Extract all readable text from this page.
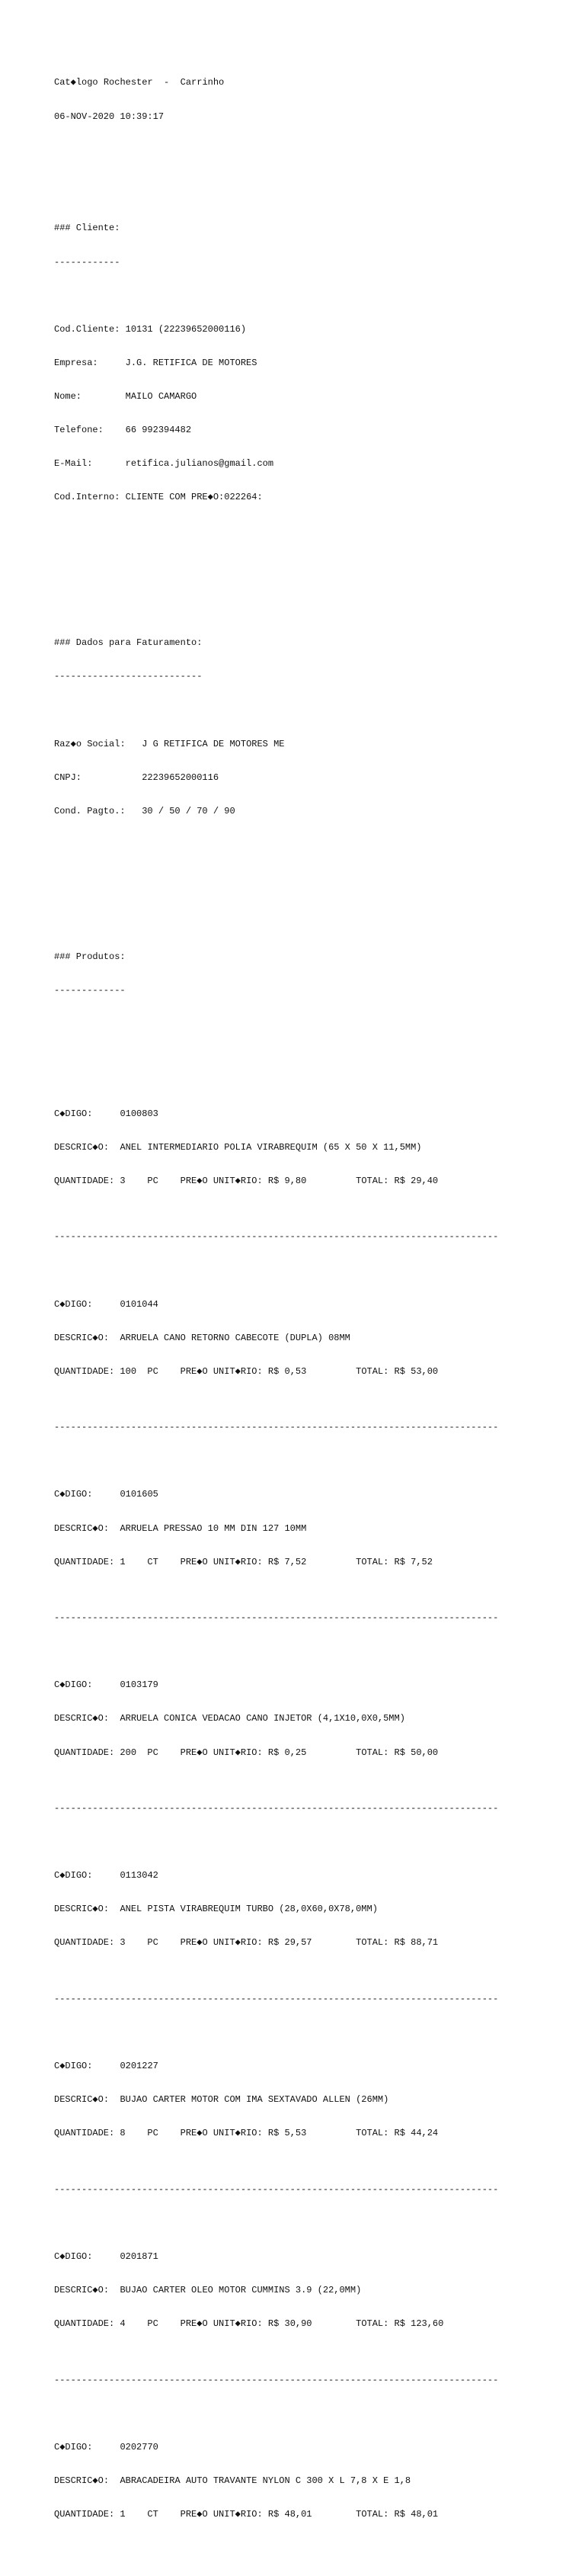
Cat◆logo Rochester  -  Carrinho

06-NOV-2020 10:39:17

### Cliente:

------------

Cod.Cliente: 10131 (22239652000116)

Empresa:     J.G. RETIFICA DE MOTORES

Nome:        MAILO CAMARGO

Telefone:    66 992394482

E-Mail:      retifica.julianos@gmail.com

Cod.Interno: CLIENTE COM PRE◆O:022264:

### Dados para Faturamento:

---------------------------

Raz◆o Social:   J G RETIFICA DE MOTORES ME

CNPJ:           22239652000116

Cond. Pagto.:   30 / 50 / 70 / 90

### Produtos:

-------------

C◆DIGO:     0100803

DESCRIC◆O:  ANEL INTERMEDIARIO POLIA VIRABREQUIM (65 X 50 X 11,5MM)

QUANTIDADE: 3    PC    PRE◆O UNIT◆RIO: R$ 9,80         TOTAL: R$ 29,40

---------------------------------------------------------------------------------

C◆DIGO:     0101044

DESCRIC◆O:  ARRUELA CANO RETORNO CABECOTE (DUPLA) 08MM

QUANTIDADE: 100  PC    PRE◆O UNIT◆RIO: R$ 0,53         TOTAL: R$ 53,00

---------------------------------------------------------------------------------

C◆DIGO:     0101605

DESCRIC◆O:  ARRUELA PRESSAO 10 MM DIN 127 10MM

QUANTIDADE: 1    CT    PRE◆O UNIT◆RIO: R$ 7,52         TOTAL: R$ 7,52

---------------------------------------------------------------------------------

C◆DIGO:     0103179

DESCRIC◆O:  ARRUELA CONICA VEDACAO CANO INJETOR (4,1X10,0X0,5MM)

QUANTIDADE: 200  PC    PRE◆O UNIT◆RIO: R$ 0,25         TOTAL: R$ 50,00

---------------------------------------------------------------------------------

C◆DIGO:     0113042

DESCRIC◆O:  ANEL PISTA VIRABREQUIM TURBO (28,0X60,0X78,0MM)

QUANTIDADE: 3    PC    PRE◆O UNIT◆RIO: R$ 29,57        TOTAL: R$ 88,71

---------------------------------------------------------------------------------

C◆DIGO:     0201227

DESCRIC◆O:  BUJAO CARTER MOTOR COM IMA SEXTAVADO ALLEN (26MM)

QUANTIDADE: 8    PC    PRE◆O UNIT◆RIO: R$ 5,53         TOTAL: R$ 44,24

---------------------------------------------------------------------------------

C◆DIGO:     0201871

DESCRIC◆O:  BUJAO CARTER OLEO MOTOR CUMMINS 3.9 (22,0MM)

QUANTIDADE: 4    PC    PRE◆O UNIT◆RIO: R$ 30,90        TOTAL: R$ 123,60

---------------------------------------------------------------------------------

C◆DIGO:     0202770

DESCRIC◆O:  ABRACADEIRA AUTO TRAVANTE NYLON C 300 X L 7,8 X E 1,8

QUANTIDADE: 1    CT    PRE◆O UNIT◆RIO: R$ 48,01        TOTAL: R$ 48,01
